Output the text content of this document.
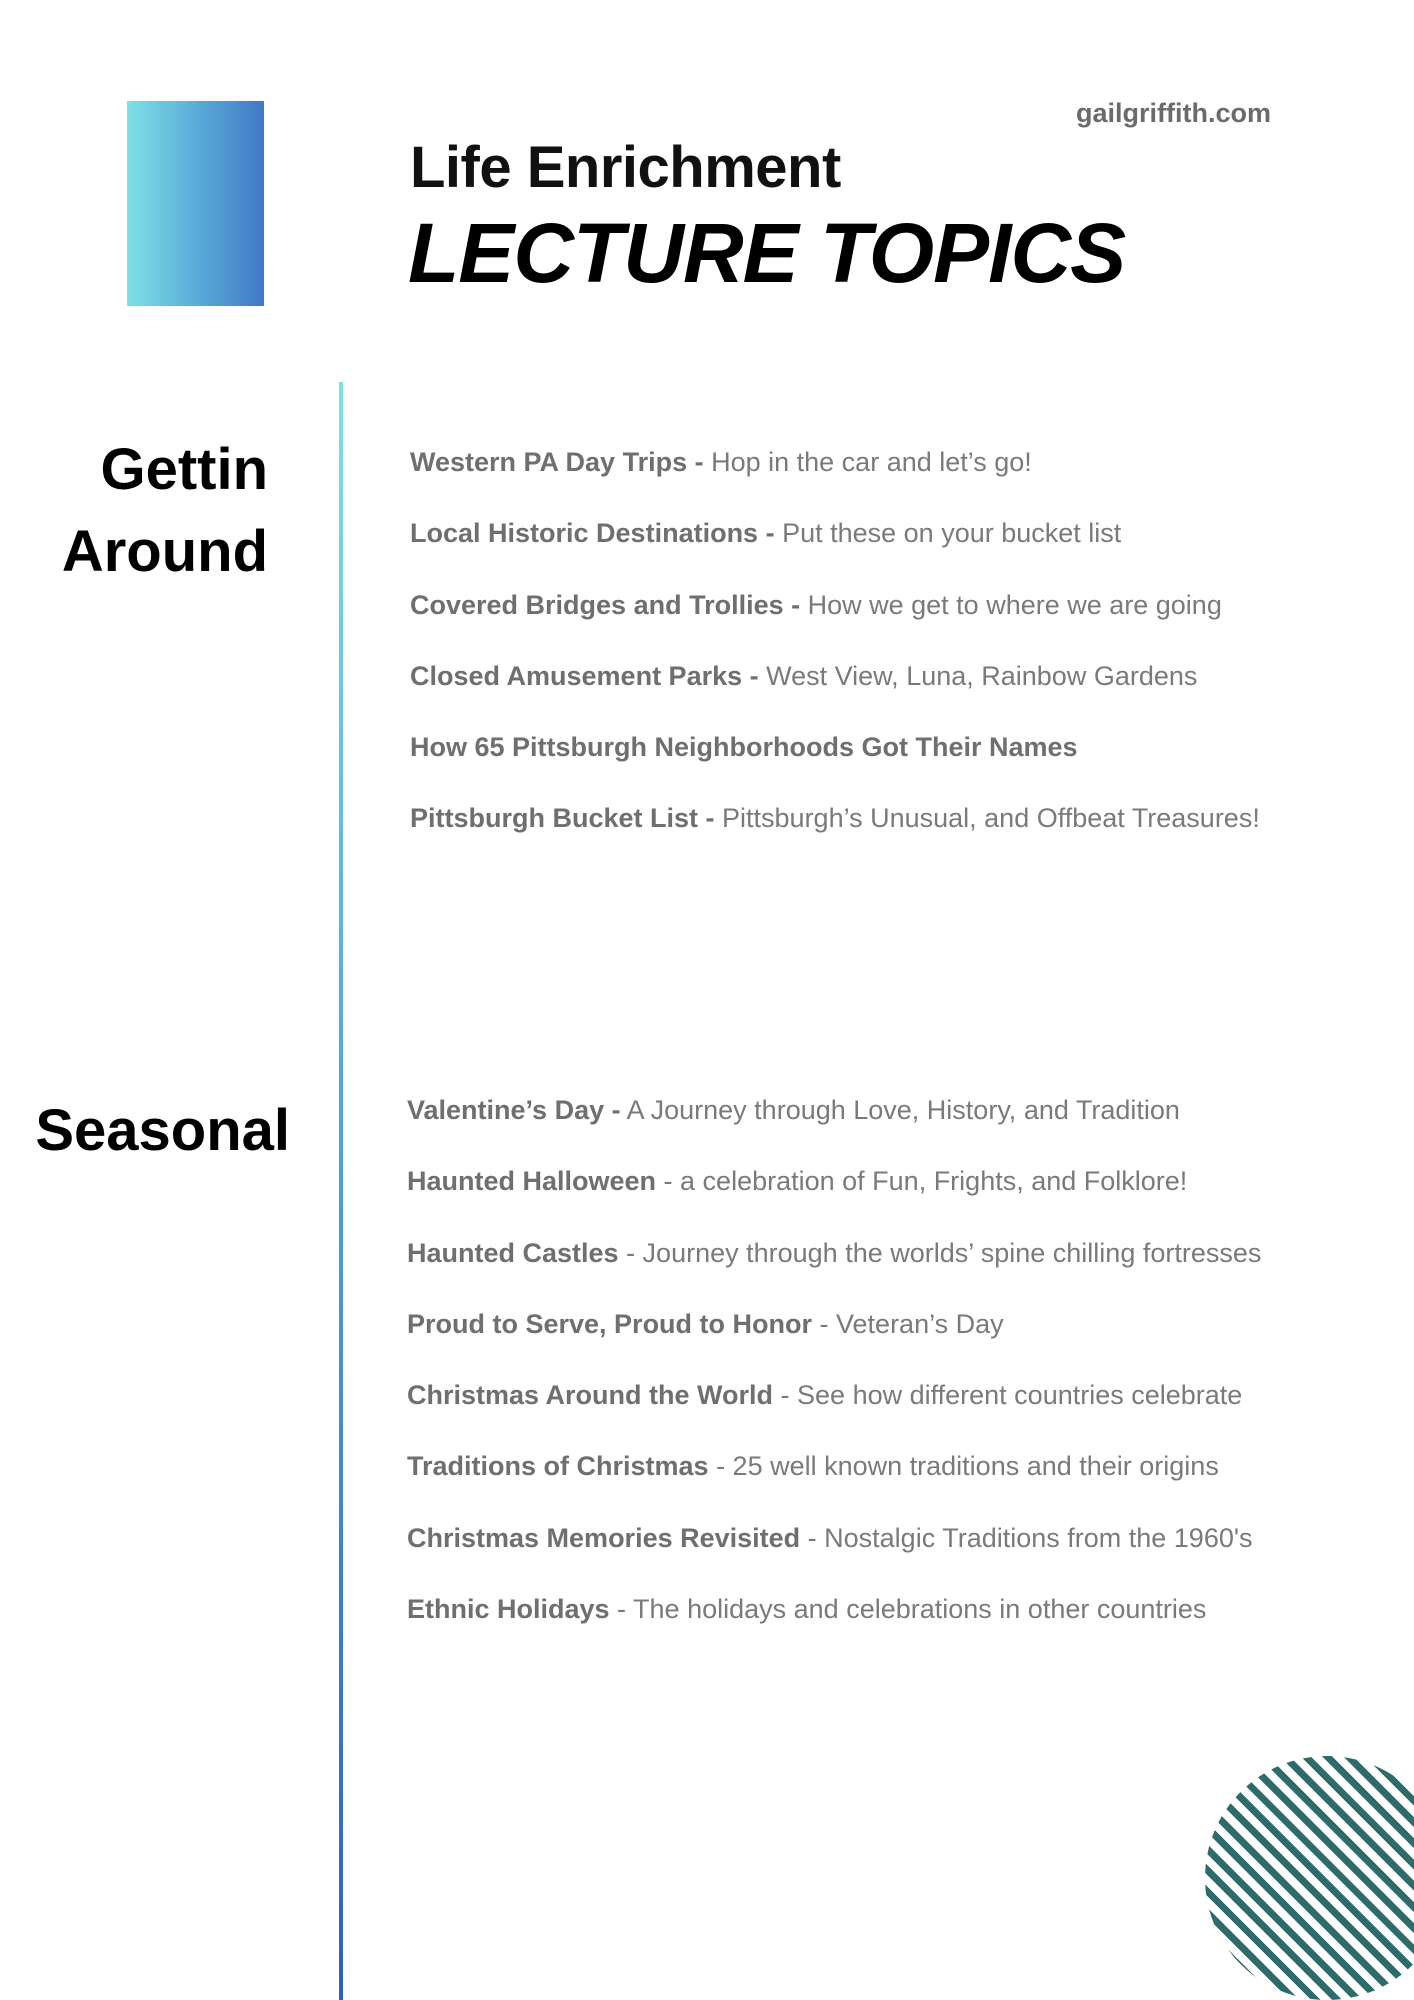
gailgriffith.com
Life Enrichment
LECTURE TOPICS
Gettin
Around
Western PA Day Trips - Hop in the car and let’s go!
Local Historic Destinations - Put these on your bucket list
Covered Bridges and Trollies - How we get to where we are going
Closed Amusement Parks - West View, Luna, Rainbow Gardens
How 65 Pittsburgh Neighborhoods Got Their Names
Pittsburgh Bucket List - Pittsburgh’s Unusual, and Offbeat Treasures!
Seasonal	Valentine’s Day - A Journey through Love, History, and Tradition
Haunted Halloween - a celebration of Fun, Frights, and Folklore!
Haunted Castles - Journey through the worlds’ spine chilling fortresses
Proud to Serve, Proud to Honor - Veteran’s Day
Christmas Around the World - See how different countries celebrate
Traditions of Christmas - 25 well known traditions and their origins
Christmas Memories Revisited - Nostalgic Traditions from the 1960's
Ethnic Holidays - The holidays and celebrations in other countries
